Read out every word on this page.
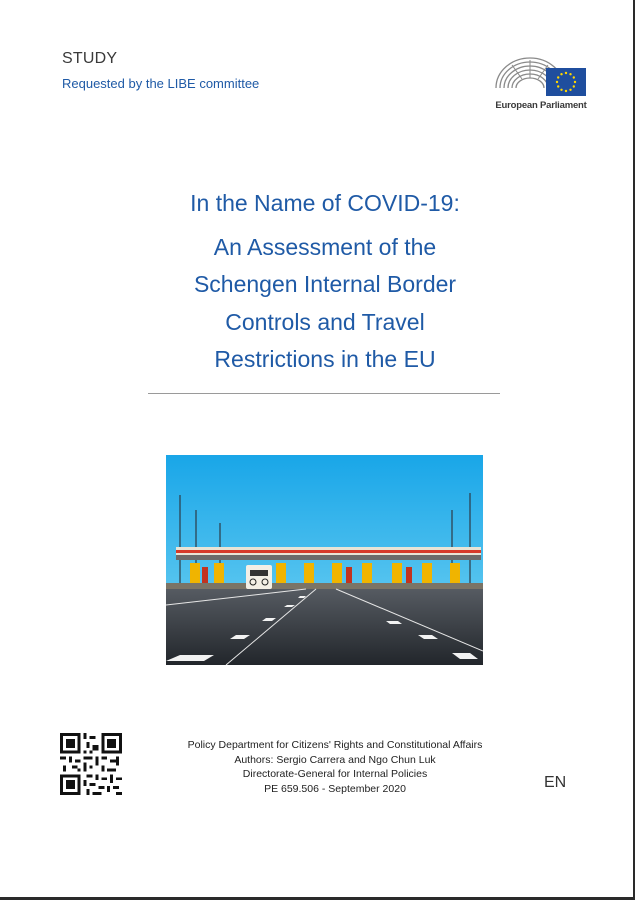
STUDY
Requested by the LIBE committee
European Parliament
In the Name of COVID-19:
An Assessment of the
Schengen Internal Border
Controls and Travel
Restrictions in the EU
Policy Department for Citizens' Rights and Constitutional Affairs
Authors: Sergio Carrera and Ngo Chun Luk
Directorate-General for Internal Policies
PE 659.506 - September 2020	EN
